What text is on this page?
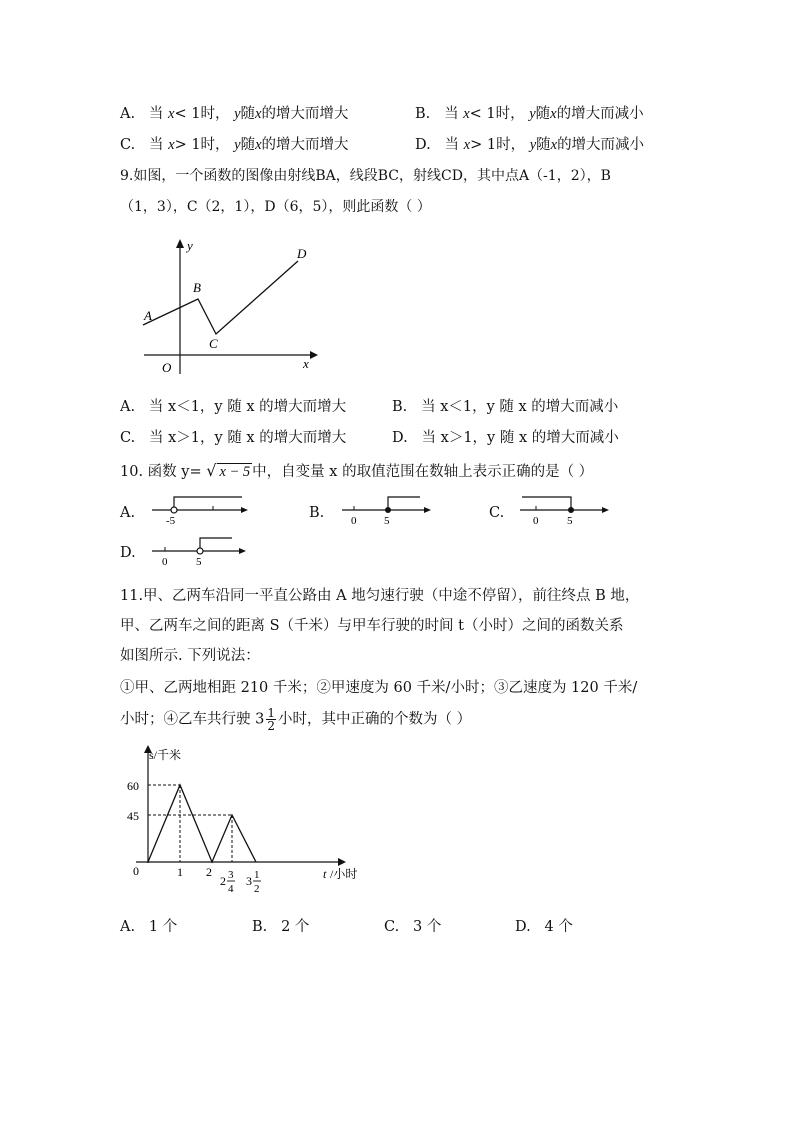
A. 当 x< 1时， y随x的增大而增大	B. 当 x< 1时， y随x的增大而减小
C. 当 x> 1时， y随x的增大而增大	D. 当 x> 1时， y随x的增大而减小
9.如图，一个函数的图像由射线BA，线段BC，射线CD，其中点A（-1，2），B
（1，3），C（2，1），D（6，5），则此函数（ ）
y
x
O
A
B
C
D
A. 当 x＜1，y 随 x 的增大而增大	B. 当 x＜1，y 随 x 的增大而减小
C. 当 x＞1，y 随 x 的增大而增大	D. 当 x＞1，y 随 x 的增大而减小
10. 函数 y= √ x − 5 中，自变量 x 的取值范围在数轴上表示正确的是（ ）
A.	-5	B. 0	5	C.	0	5
D.
0	5
11.甲、乙两车沿同一平直公路由 A 地匀速行驶（中途不停留），前往终点 B 地，
甲、乙两车之间的距离 S（千米）与甲车行驶的时间 t（小时）之间的函数关系
如图所示. 下列说法：
①甲、乙两地相距 210 千米；②甲速度为 60 千米/小时；③乙速度为 120 千米/
小时；④乙车共行驶 $3 \frac{1}{2}$ 小时，其中正确的个数为（ ）
s/千米
t /小时
0
60
45
1 2
2 3
4
3 1
2
A. 1 个	B. 2 个	C. 3 个	D. 4 个
